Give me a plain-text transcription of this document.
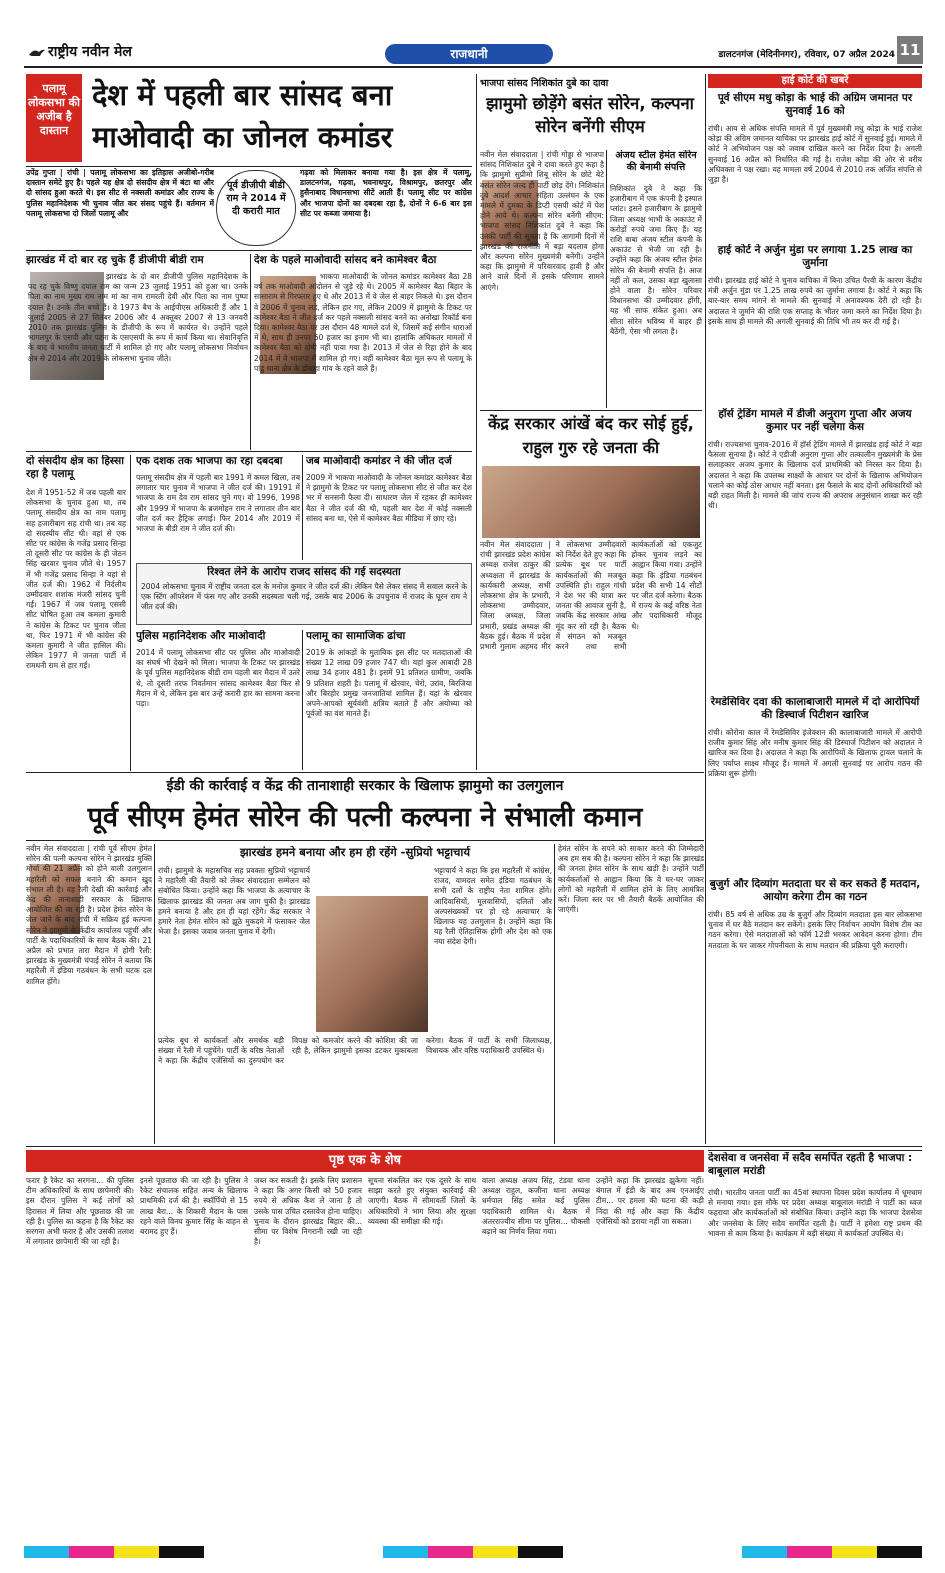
राष्ट्रीय नवीन मेल	राजधानी	डालटनगंज (मेदिनीनगर), रविवार, 07 अप्रैल 2024 11
पलामू लोकसभा की अजीब है दास्तान
देश में पहली बार सांसद बना माओवादी का जोनल कमांडर
उपेंद्र गुप्ता | रांची | पलामू लोकसभा का इतिहास अजीबो-गरीब दास्तान समेटे हुए है। पहले यह क्षेत्र दो संसदीय क्षेत्र में बंटा था और दो सांसद हुआ करते थे। इस सीट से नक्सली कमांडर और राज्य के पुलिस महानिदेशक भी चुनाव जीत कर संसद पहुंचे हैं। वर्तमान में पलामू लोकसभा दो जिलों पलामू और
पूर्व डीजीपी बीडी राम ने 2014 में दी करारी मात
गढ़वा को मिलाकर बनाया गया है। इस क्षेत्र में पलामू, डालटनगंज, गढ़वा, भवनाथपुर, विश्रामपुर, छतरपुर और हुसैनाबाद विधानसभा सीटें आती हैं। पलामू सीट पर कांग्रेस और भाजपा दोनों का दबदबा रहा है, दोनों ने 6-6 बार इस सीट पर कब्जा जमाया है।
झारखंड में दो बार रह चुके हैं डीजीपी बीडी राम
झारखंड के दो बार डीजीपी पुलिस महानिदेशक के पद रह चुके विष्णु दयाल राम का जन्म 23 जुलाई 1951 को हुआ था। उनके पिता का नाम मुख्य राम नाम मां का नाम रामरती देवी और पिता का नाम पुष्पा दयाल है। उनके तीन बच्चे हैं। वे 1973 बैच के आईपीएस अधिकारी हैं और 1 जुलाई 2005 से 27 सितंबर 2006 और 4 अक्तूबर 2007 से 13 जनवरी 2010 तक झारखंड पुलिस के डीजीपी के रूप में कार्यरत थे। उन्होंने पहले भागलपुर के एसपी और पटना के एसएसपी के रूप में कार्य किया था। सेवानिवृत्ति के बाद वे भारतीय जनता पार्टी में शामिल हो गए और पलामू लोकसभा निर्वाचन क्षेत्र से 2014 और 2019 के लोकसभा चुनाव जीते।
देश के पहले माओवादी सांसद बने कामेश्वर बैठा
भाकपा माओवादी के जोनल कमांडर कामेश्वर बैठा 28 वर्ष तक माओवादी आंदोलन से जुड़े रहे थे। 2005 में कामेश्वर बैठा बिहार के सासाराम से गिरफ्तार हुए थे और 2013 में वे जेल से बाहर निकले थे। इस दौरान वे 2006 में चुनाव लड़े, लेकिन हार गए, लेकिन 2009 में झामुमो के टिकट पर कामेश्वर बैठा ने जीत दर्ज कर पहले नक्सली सांसद बनने का अनोखा रिकॉर्ड बना दिया। कामेश्वर बैठा पर उस दौरान 48 मामले दर्ज थे, जिसमें कई संगीन धाराओं में थे, साथ ही उनपर 50 हजार का इनाम भी था। हालांकि अधिकतर मामलों में कामेश्वर बैठा को दोषी नहीं पाया गया है। 2013 में जेल से रिहा होने के बाद 2014 में वे भाजपा में शामिल हो गए। वहीं कामेश्वर बैठा मूल रूप से पलामू के पांडु थाना क्षेत्र के डोबाहा गांव के रहने वाले हैं।
दो संसदीय क्षेत्र का हिस्सा रहा है पलामू
देश में 1951-52 में जब पहली बार लोकसभा के चुनाव हुआ था, तब पलामू संसदीय क्षेत्र का नाम पलामू सह हजारीबाग सह रांची था। तब यह दो सदस्यीय सीट थी। वहां से एक सीट पर कांग्रेस के गजेंद्र प्रसाद सिन्हा तो दूसरी सीट पर कांग्रेस के ही जेठन सिंह खरवार चुनाव जीते थे। 1957 में भी गजेंद्र प्रसाद सिन्हा ने यहां से जीत दर्ज की। 1962 में निर्दलीय उम्मीदवार शशांक मंजरी सांसद चुनी गईं। 1967 में जब पलामू एससी सीट घोषित हुआ तब कमला कुमारी ने कांग्रेस के टिकट पर चुनाव जीता था, फिर 1971 में भी कांग्रेस की कमला कुमारी ने जीत हासिल की। लेकिन 1977 में जनता पार्टी में रामधनी राम से हार गईं।
एक दशक तक भाजपा का रहा दबदबा
पलामू संसदीय क्षेत्र में पहली बार 1991 में कमल खिला, तब लगातार चार चुनाव में भाजपा ने जीत दर्ज की। 19191 में भाजपा के राम देव राम सांसद चुने गए। वो 1996, 1998 और 1999 में भाजपा के ब्रजमोहन राम ने लगातार तीन बार जीत दर्ज कर हैट्रिक लगाई। फिर 2014 और 2019 में भाजपा के बीडी राम ने जीत दर्ज की।
जब माओवादी कमांडर ने की जीत दर्ज
2009 में भाकपा माओवादी के जोनल कमांडर कामेश्वर बैठा ने झामुमो के टिकट पर पलामू लोकसभा सीट से जीत कर देश भर में सनसनी फैला दी। साधारण जेल में रहकर ही कामेश्वर बैठा ने जीत दर्ज की थी, पहली बार देश में कोई नक्सली सांसद बना था, ऐसे में कामेश्वर बैठा मीडिया में छाए रहे।
रिश्वत लेने के आरोप राजद सांसद की गई सदस्यता
2004 लोकसभा चुनाव में राष्ट्रीय जनता दल के मनोज कुमार ने जीत दर्ज की। लेकिन पैसे लेकर संसद में सवाल करने के एक स्टिंग ऑपरेशन में फंस गए और उनकी सदस्यता चली गई, उसके बाद 2006 के उपचुनाव में राजद के घूरन राम ने जीत दर्ज की।
पुलिस महानिदेशक और माओवादी
2014 में पलामू लोकसभा सीट पर पुलिस और माओवादी का संघर्ष भी देखने को मिला। भाजपा के टिकट पर झारखंड के पूर्व पुलिस महानिदेशक बीडी राम पहली बार मैदान में उतरे थे, तो दूसरी तरफ निवर्तमान सांसद कामेश्वर बैठा फिर से मैदान में थे, लेकिन इस बार उन्हें करारी हार का सामना करना पड़ा।
पलामू का सामाजिक ढांचा
2019 के आंकड़ों के मुताबिक इस सीट पर मतदाताओं की संख्या 12 लाख 09 हजार 747 थी। यहां कुल आबादी 28 लाख 34 हजार 481 है। इसमें 91 प्रतिशत ग्रामीण, जबकि 9 प्रतिशत शहरी है। पलामू में खेरवार, चेरो, उरांव, बिरजिया और बिरहोर प्रमुख जनजातियां शामिल हैं। यहां के खेरवार अपने-आपको सूर्यवंशी क्षत्रिय बताते हैं और अयोध्या को पूर्वजों का वंश मानते हैं।
भाजपा सांसद निशिकांत दुबे का दावा
झामुमो छोड़ेंगे बसंत सोरेन, कल्पना सोरेन बनेंगी सीएम
नवीन मेल संवाददाता | रांची गोड्डा से भाजपा सांसद निशिकांत दुबे ने दावा करते हुए कहा है कि झामुमो सुप्रीमो शिबू सोरेन के छोटे बेटे बसंत सोरेन जल्द ही पार्टी छोड़ देंगे। निशिकांत दुबे आदर्श आचार संहिता उल्लंघन के एक मामले में दुमका के डिप्टी एसपी कोर्ट में पेश होने आये थे। कल्पना सोरेन बनेंगी सीएम: भाजपा सांसद निशिकांत दुबे ने कहा कि उनकी पार्टी की सूचना है कि आगामी दिनों में झारखंड की राजनीति में बड़ा बदलाव होगा और कल्पना सोरेन मुख्यमंत्री बनेंगी। उन्होंने कहा कि झामुमो में परिवारवाद हावी है और आने वाले दिनों में इसके परिणाम सामने आएंगे।
अंजय स्टील हेमंत सोरेन की बेनामी संपत्ति
निशिकांत दुबे ने कहा कि हजारीबाग में एक कंपनी है इस्पात प्लांट। इसने हजारीबाग के झामुमो जिला अध्यक्ष भाभी के अकाउंट में करोड़ों रुपये जमा किए हैं। यह राशि बाबा अंजय स्टील कंपनी के अकाउंट से भेजी जा रही है। उन्होंने कहा कि अंजय स्टील हेमंत सोरेन की बेनामी संपत्ति है। आज नहीं तो कल, उसका बड़ा खुलासा होने वाला है। सोरेन परिवार विधानसभा की उम्मीदवार होंगी, यह भी साफ संकेत हुआ। अब सीता सोरेन भविष्य में बाहर ही बैठेंगी, ऐसा भी लगता है।
केंद्र सरकार आंखें बंद कर सोई हुई, राहुल गुरु रहे जनता की
नवीन मेल संवाददाता | रांची झारखंड प्रदेश कांग्रेस अध्यक्ष राजेश ठाकुर की अध्यक्षता में झारखंड के कार्यकारी अध्यक्ष, सभी लोकसभा क्षेत्र के प्रभारी, लोकसभा उम्मीदवार, जिला अध्यक्ष, जिला प्रभारी, प्रखंड अध्यक्ष की बैठक हुई। बैठक में प्रदेश प्रभारी गुलाम अहमद मीर ने लोकसभा उम्मीदवारों को निर्देश देते हुए कहा कि प्रत्येक बूथ पर पार्टी कार्यकर्ताओं की मजबूत उपस्थिति हो। राहुल गांधी ने देश भर की यात्रा कर जनता की आवाज सुनी है, जबकि केंद्र सरकार आंख मूंद कर सो रही है। बैठक में संगठन को मजबूत करने तथा सभी कार्यकर्ताओं को एकजुट होकर चुनाव लड़ने का आह्वान किया गया। उन्होंने कहा कि इंडिया गठबंधन प्रदेश की सभी 14 सीटों पर जीत दर्ज करेगा। बैठक में राज्य के कई वरिष्ठ नेता और पदाधिकारी मौजूद थे।
हाई कोर्ट की खबरें
पूर्व सीएम मधु कोड़ा के भाई की अग्रिम जमानत पर सुनवाई 16 को
रांची। आय से अधिक संपत्ति मामले में पूर्व मुख्यमंत्री मधु कोड़ा के भाई राजेश कोड़ा की अग्रिम जमानत याचिका पर झारखंड हाई कोर्ट में सुनवाई हुई। मामले में कोर्ट ने अभियोजन पक्ष को जवाब दाखिल करने का निर्देश दिया है। अगली सुनवाई 16 अप्रैल को निर्धारित की गई है। राजेश कोड़ा की ओर से वरीय अधिवक्ता ने पक्ष रखा। यह मामला वर्ष 2004 से 2010 तक अर्जित संपत्ति से जुड़ा है।
हाई कोर्ट ने अर्जुन मुंडा पर लगाया 1.25 लाख का जुर्माना
रांची। झारखंड हाई कोर्ट ने चुनाव याचिका में बिना उचित पैरवी के कारण केंद्रीय मंत्री अर्जुन मुंडा पर 1.25 लाख रुपये का जुर्माना लगाया है। कोर्ट ने कहा कि बार-बार समय मांगने से मामले की सुनवाई में अनावश्यक देरी हो रही है। अदालत ने जुर्माने की राशि एक सप्ताह के भीतर जमा करने का निर्देश दिया है। इसके साथ ही मामले की अगली सुनवाई की तिथि भी तय कर दी गई है।
हॉर्स ट्रेडिंग मामले में डीजी अनुराग गुप्ता और अजय कुमार पर नहीं चलेगा केस
रांची। राज्यसभा चुनाव-2016 में हॉर्स ट्रेडिंग मामले में झारखंड हाई कोर्ट ने बड़ा फैसला सुनाया है। कोर्ट ने एडीजी अनुराग गुप्ता और तत्कालीन मुख्यमंत्री के प्रेस सलाहकार अजय कुमार के खिलाफ दर्ज प्राथमिकी को निरस्त कर दिया है। अदालत ने कहा कि उपलब्ध साक्ष्यों के आधार पर दोनों के खिलाफ अभियोजन चलाने का कोई ठोस आधार नहीं बनता। इस फैसले के बाद दोनों अधिकारियों को बड़ी राहत मिली है। मामले की जांच राज्य की अपराध अनुसंधान शाखा कर रही थी।
रेमडेसिविर दवा की कालाबाजारी मामले में दो आरोपियों की डिस्चार्ज पिटीशन खारिज
रांची। कोरोना काल में रेमडेसिविर इंजेक्शन की कालाबाजारी मामले में आरोपी राजीव कुमार सिंह और मनीष कुमार सिंह की डिस्चार्ज पिटीशन को अदालत ने खारिज कर दिया है। अदालत ने कहा कि आरोपियों के खिलाफ ट्रायल चलाने के लिए पर्याप्त साक्ष्य मौजूद हैं। मामले में अगली सुनवाई पर आरोप गठन की प्रक्रिया शुरू होगी।
बुजुर्ग और दिव्यांग मतदाता घर से कर सकते हैं मतदान, आयोग करेगा टीम का गठन
रांची। 85 वर्ष से अधिक उम्र के बुजुर्ग और दिव्यांग मतदाता इस बार लोकसभा चुनाव में घर बैठे मतदान कर सकेंगे। इसके लिए निर्वाचन आयोग विशेष टीम का गठन करेगा। ऐसे मतदाताओं को फॉर्म 12डी भरकर आवेदन करना होगा। टीम मतदाता के घर जाकर गोपनीयता के साथ मतदान की प्रक्रिया पूरी कराएगी।
ईडी की कार्रवाई व केंद्र की तानाशाही सरकार के खिलाफ झामुमो का उलगुलान
पूर्व सीएम हेमंत सोरेन की पत्नी कल्पना ने संभाली कमान
नवीन मेल संवाददाता | रांची पूर्व सीएम हेमंत सोरेन की पत्नी कल्पना सोरेन ने झारखंड मुक्ति मोर्चा की 21 अप्रैल को होने वाली उलगुलान महारैली को सफल बनाने की कमान खुद संभाल ली है। वह रैली देखी की कार्रवाई और केंद्र की तानाशाही सरकार के खिलाफ आयोजित की जा रही है। प्रदेश हेमंत सोरेन के जेल जाने के बाद रांची में सक्रिय हुई कल्पना सोरेन ने झामुमो के केंद्रीय कार्यालय पहुंचीं और पार्टी के पदाधिकारियों के साथ बैठक की। 21 अप्रैल को प्रभात तारा मैदान में होगी रैली: झारखंड के मुख्यमंत्री चंपाई सोरेन ने बताया कि महारैली में इंडिया गठबंधन के सभी घटक दल शामिल होंगे।
झारखंड हमने बनाया और हम ही रहेंगे -सुप्रियो भट्टाचार्य
रांची। झामुमो के महासचिव सह प्रवक्ता सुप्रियो भट्टाचार्य ने महारैली की तैयारी को लेकर संवाददाता सम्मेलन को संबोधित किया। उन्होंने कहा कि भाजपा के अत्याचार के खिलाफ झारखंड की जनता अब जाग चुकी है। झारखंड हमने बनाया है और हम ही यहां रहेंगे। केंद्र सरकार ने हमारे नेता हेमंत सोरेन को झूठे मुकदमे में फंसाकर जेल भेजा है। इसका जवाब जनता चुनाव में देगी।
भट्टाचार्य ने कहा कि इस महारैली में कांग्रेस, राजद, वामदल समेत इंडिया गठबंधन के सभी दलों के राष्ट्रीय नेता शामिल होंगे। आदिवासियों, मूलवासियों, दलितों और अल्पसंख्यकों पर हो रहे अत्याचार के खिलाफ यह उलगुलान है। उन्होंने कहा कि यह रैली ऐतिहासिक होगी और देश को एक नया संदेश देगी।
हेमंत सोरेन के सपने को साकार करने की जिम्मेदारी अब हम सब की है। कल्पना सोरेन ने कहा कि झारखंड की जनता हेमंत सोरेन के साथ खड़ी है। उन्होंने पार्टी कार्यकर्ताओं से आह्वान किया कि वे घर-घर जाकर लोगों को महारैली में शामिल होने के लिए आमंत्रित करें। जिला स्तर पर भी तैयारी बैठकें आयोजित की जाएंगी।
प्रत्येक बूथ से कार्यकर्ता और समर्थक बड़ी संख्या में रैली में पहुंचेंगे। पार्टी के वरिष्ठ नेताओं ने कहा कि केंद्रीय एजेंसियों का दुरुपयोग कर विपक्ष को कमजोर करने की कोशिश की जा रही है, लेकिन झामुमो इसका डटकर मुकाबला करेगा। बैठक में पार्टी के सभी जिलाध्यक्ष, विधायक और वरिष्ठ पदाधिकारी उपस्थित थे।
पृष्ठ एक के शेष
फरार है रैकेट का सरगना... की पुलिस टीम अधिकारियों के साथ छापेमारी की। इस दौरान पुलिस ने कई लोगों को हिरासत में लिया और पूछताछ की जा रही है। पुलिस का कहना है कि रैकेट का सरगना अभी फरार है और उसकी तलाश में लगातार छापेमारी की जा रही है।
इनसे पूछताछ की जा रही है। पुलिस ने रैकेट संचालक सहित अन्य के खिलाफ प्राथमिकी दर्ज की है। स्कॉर्पियो से 15 लाख बैरा... के शिकारी मैदान के पास रहने वाले विनय कुमार सिंह के वाहन से बरामद हुए हैं।
जब्त कर सकती है। इसके लिए प्रशासन ने कहा कि अगर किसी को 50 हजार रुपये से अधिक कैश ले जाना है तो उसके पास उचित दस्तावेज होना चाहिए। चुनाव के दौरान झारखंड बिहार की... सीमा पर विशेष निगरानी रखी जा रही है।
सूचना संकलित कर एक दूसरे के साथ साझा करते हुए संयुक्त कार्रवाई की जाएगी। बैठक में सीमावर्ती जिलों के अधिकारियों ने भाग लिया और सुरक्षा व्यवस्था की समीक्षा की गई।
वाला अध्यक्ष अजय सिंह, टंडवा थाना अध्यक्ष राहुल, कजीना थाना अध्यक्ष धर्मपाल सिंह समेत कई पुलिस पदाधिकारी शामिल थे। बैठक में अंतरराज्यीय सीमा पर पुलिस... चौकसी बढ़ाने का निर्णय लिया गया।
उन्होंने कहा कि झारखंड झुकेगा नहीं। बंगाल में ईडी के बाद अब एनआईए टीम... पर हमला की घटना की कड़ी निंदा की गई और कहा कि केंद्रीय एजेंसियों को डराया नहीं जा सकता।
देशसेवा व जनसेवा में सदैव समर्पित रहती है भाजपा : बाबूलाल मरांडी
रांची। भारतीय जनता पार्टी का 45वां स्थापना दिवस प्रदेश कार्यालय में धूमधाम से मनाया गया। इस मौके पर प्रदेश अध्यक्ष बाबूलाल मरांडी ने पार्टी का ध्वज फहराया और कार्यकर्ताओं को संबोधित किया। उन्होंने कहा कि भाजपा देशसेवा और जनसेवा के लिए सदैव समर्पित रहती है। पार्टी ने हमेशा राष्ट्र प्रथम की भावना से काम किया है। कार्यक्रम में बड़ी संख्या में कार्यकर्ता उपस्थित थे।
